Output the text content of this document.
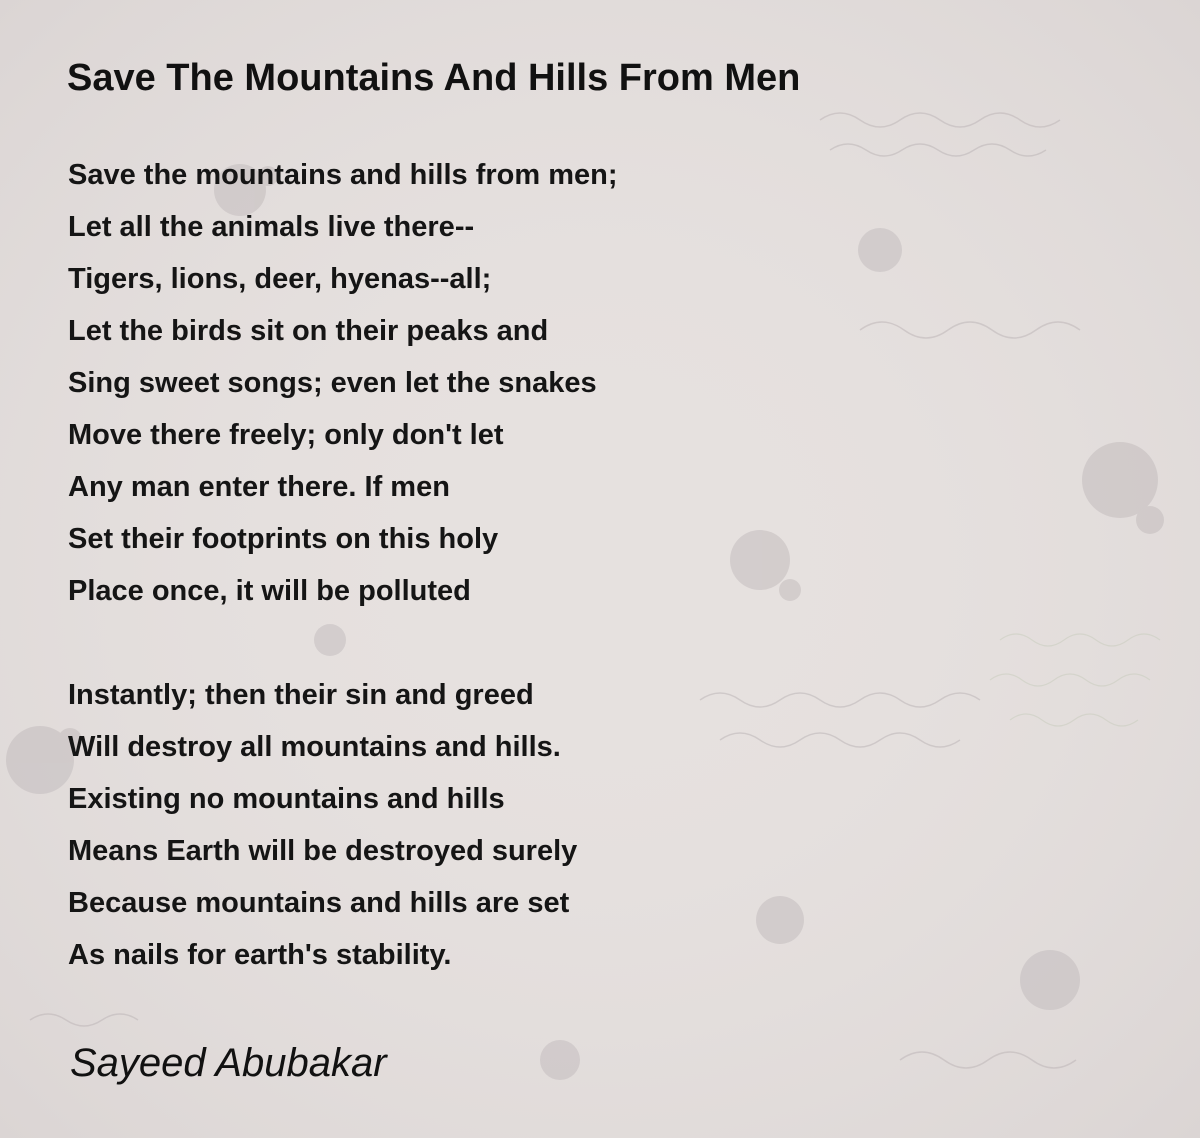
Save The Mountains And Hills From Men

Save the mountains and hills from men;

Let all the animals live there--

Tigers, lions, deer, hyenas--all;

Let the birds sit on their peaks and

Sing sweet songs; even let the snakes

Move there freely; only don't let

Any man enter there. If men

Set their footprints on this holy

Place once, it will be polluted

Instantly; then their sin and greed

Will destroy all mountains and hills.

Existing no mountains and hills

Means Earth will be destroyed surely

Because mountains and hills are set

As nails for earth's stability.

Sayeed Abubakar
